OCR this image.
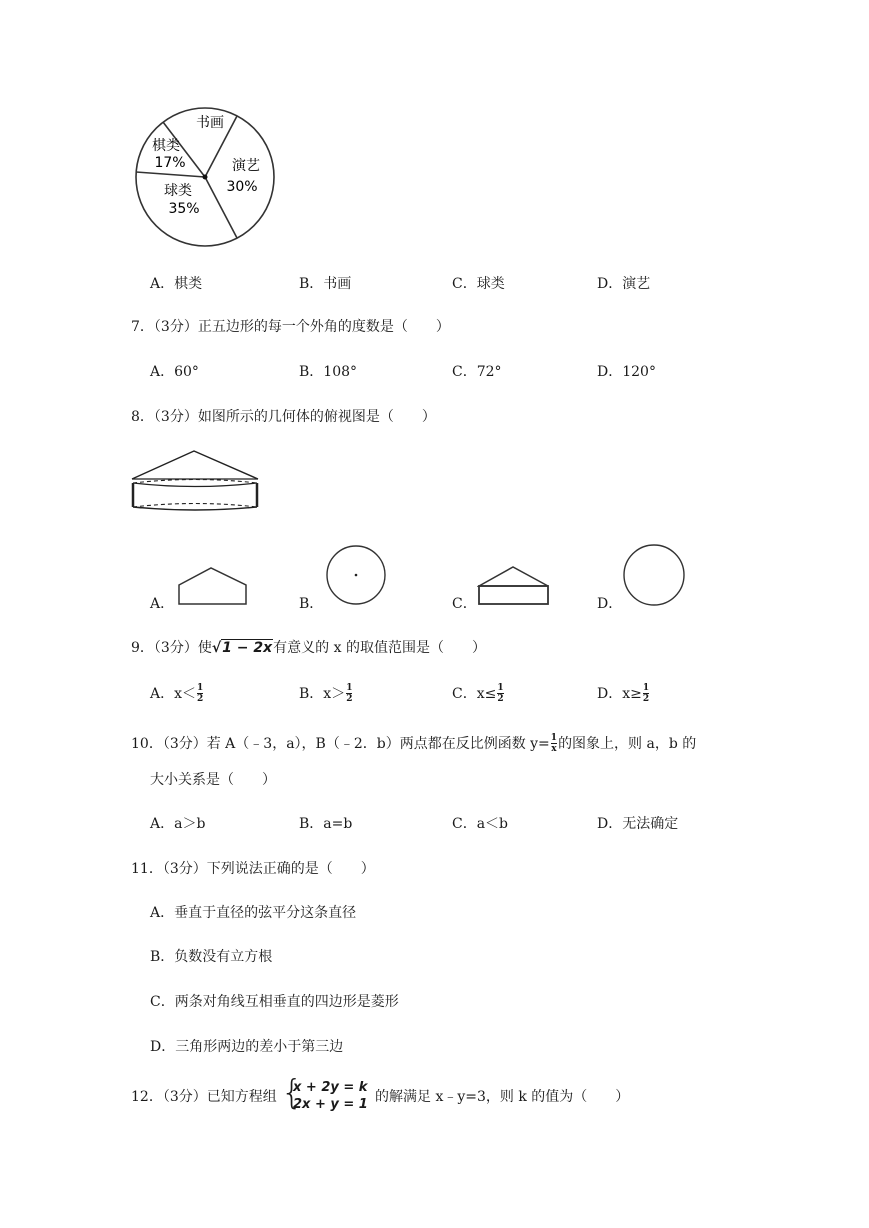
书画
棋类
17%	演艺
30%
球类
35%
A．棋类	B．书画	C．球类	D．演艺
7．（3分）正五边形的每一个外角的度数是（　　）
A．60°	B．108°	C．72°	D．120°
8．（3分）如图所示的几何体的俯视图是（　　）
A．	B．	C．	D．
9．（3分）使√1 − 2x有意义的 x 的取值范围是（　　）
A．$x< \frac{1}{2}$	B．$x> \frac{1}{2}$	C．$x\le \frac{1}{2}$	D．$x\ge \frac{1}{2}$
10．（3分）若 A（﹣3，a），B（﹣2．b）两点都在反比例函数 $y= \frac{1}{x}$ 的图象上，则 a，b 的
大小关系是（　　）
A．a＞b	B．a=b	C．a＜b	D．无法确定
11．（3分）下列说法正确的是（　　）
A．垂直于直径的弦平分这条直径
B．负数没有立方根
C．两条对角线互相垂直的四边形是菱形
D．三角形两边的差小于第三边
12．（3分）已知方程组 {
x + 2y = k
2x + y = 1 的解满足 x﹣y=3，则 k 的值为（　　）
